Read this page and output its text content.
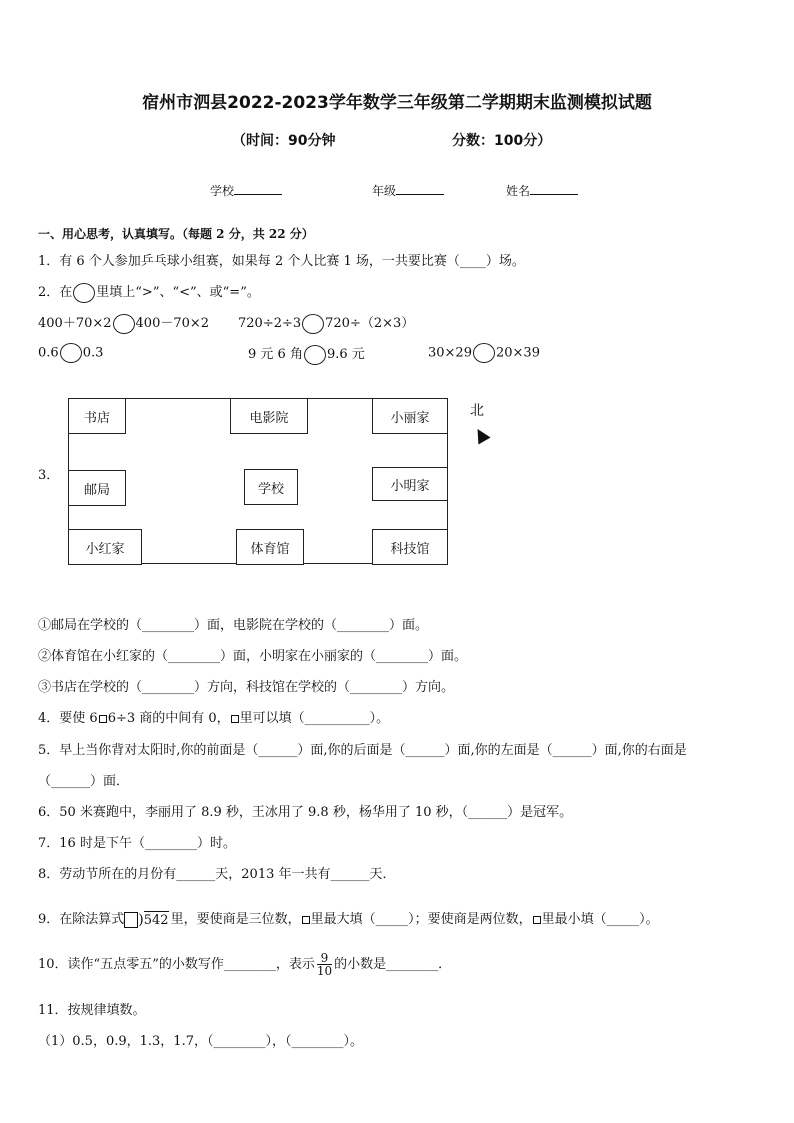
宿州市泗县2022-2023学年数学三年级第二学期期末监测模拟试题
（时间：90分钟	分数：100分）
学校	年级	姓名
一、用心思考，认真填写。（每题 2 分，共 22 分）
1．有 6 个人参加乒乓球小组赛，如果每 2 个人比赛 1 场，一共要比赛（____）场。
2．在 里填上“>”、“<”、或“=”。
400＋70×2 400－70×2 720÷2÷3 720÷（2×3）
0.6 0.3	9 元 6 角 9.6 元	30×29 20×39
3．
书店	电影院	小丽家
邮局	学校	小明家
小红家	体育馆	科技馆
北
①邮局在学校的（________）面，电影院在学校的（________）面。
②体育馆在小红家的（________）面，小明家在小丽家的（________）面。
③书店在学校的（________）方向，科技馆在学校的（________）方向。
4．要使 6 6÷3 商的中间有 0， 里可以填（__________）。
5．早上当你背对太阳时,你的前面是（______）面,你的后面是（______）面,你的左面是（______）面,你的右面是
（______）面．
6．50 米赛跑中，李丽用了 8.9 秒，王冰用了 9.8 秒，杨华用了 10 秒，（______）是冠军。
7．16 时是下午（________）时。
8．劳动节所在的月份有______天，2013 年一共有______天．
9．在除法算式 )542 里，要使商是三位数， 里最大填（_____）；要使商是两位数， 里最小填（_____）。
10．读作“五点零五”的小数写作________，表示 $\frac{9}{10}$ 的小数是________．
11．按规律填数。
（1）0.5，0.9，1.3，1.7，（________），（________）。
